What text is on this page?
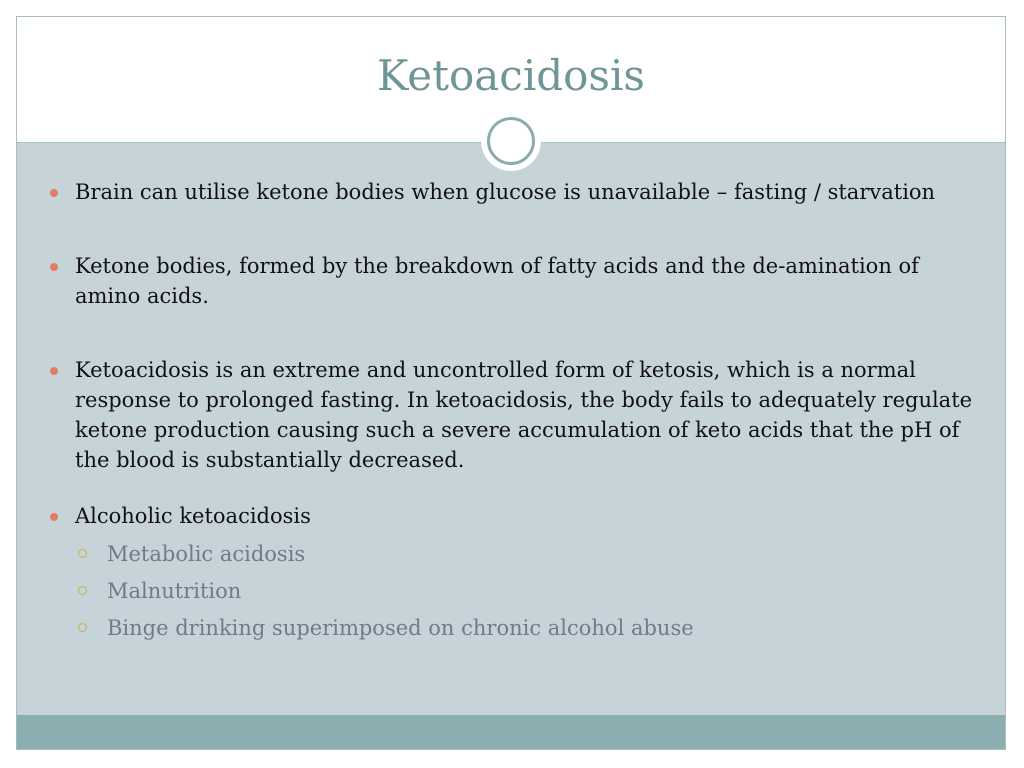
Ketoacidosis
Brain can utilise ketone bodies when glucose is unavailable – fasting / starvation
Ketone bodies, formed by the breakdown of fatty acids and the de-amination of amino acids.
Ketoacidosis is an extreme and uncontrolled form of ketosis, which is a normal response to prolonged fasting. In ketoacidosis, the body fails to adequately regulate ketone production causing such a severe accumulation of keto acids that the pH of the blood is substantially decreased.
Alcoholic ketoacidosis
Metabolic acidosis
Malnutrition
Binge drinking superimposed on chronic alcohol abuse
